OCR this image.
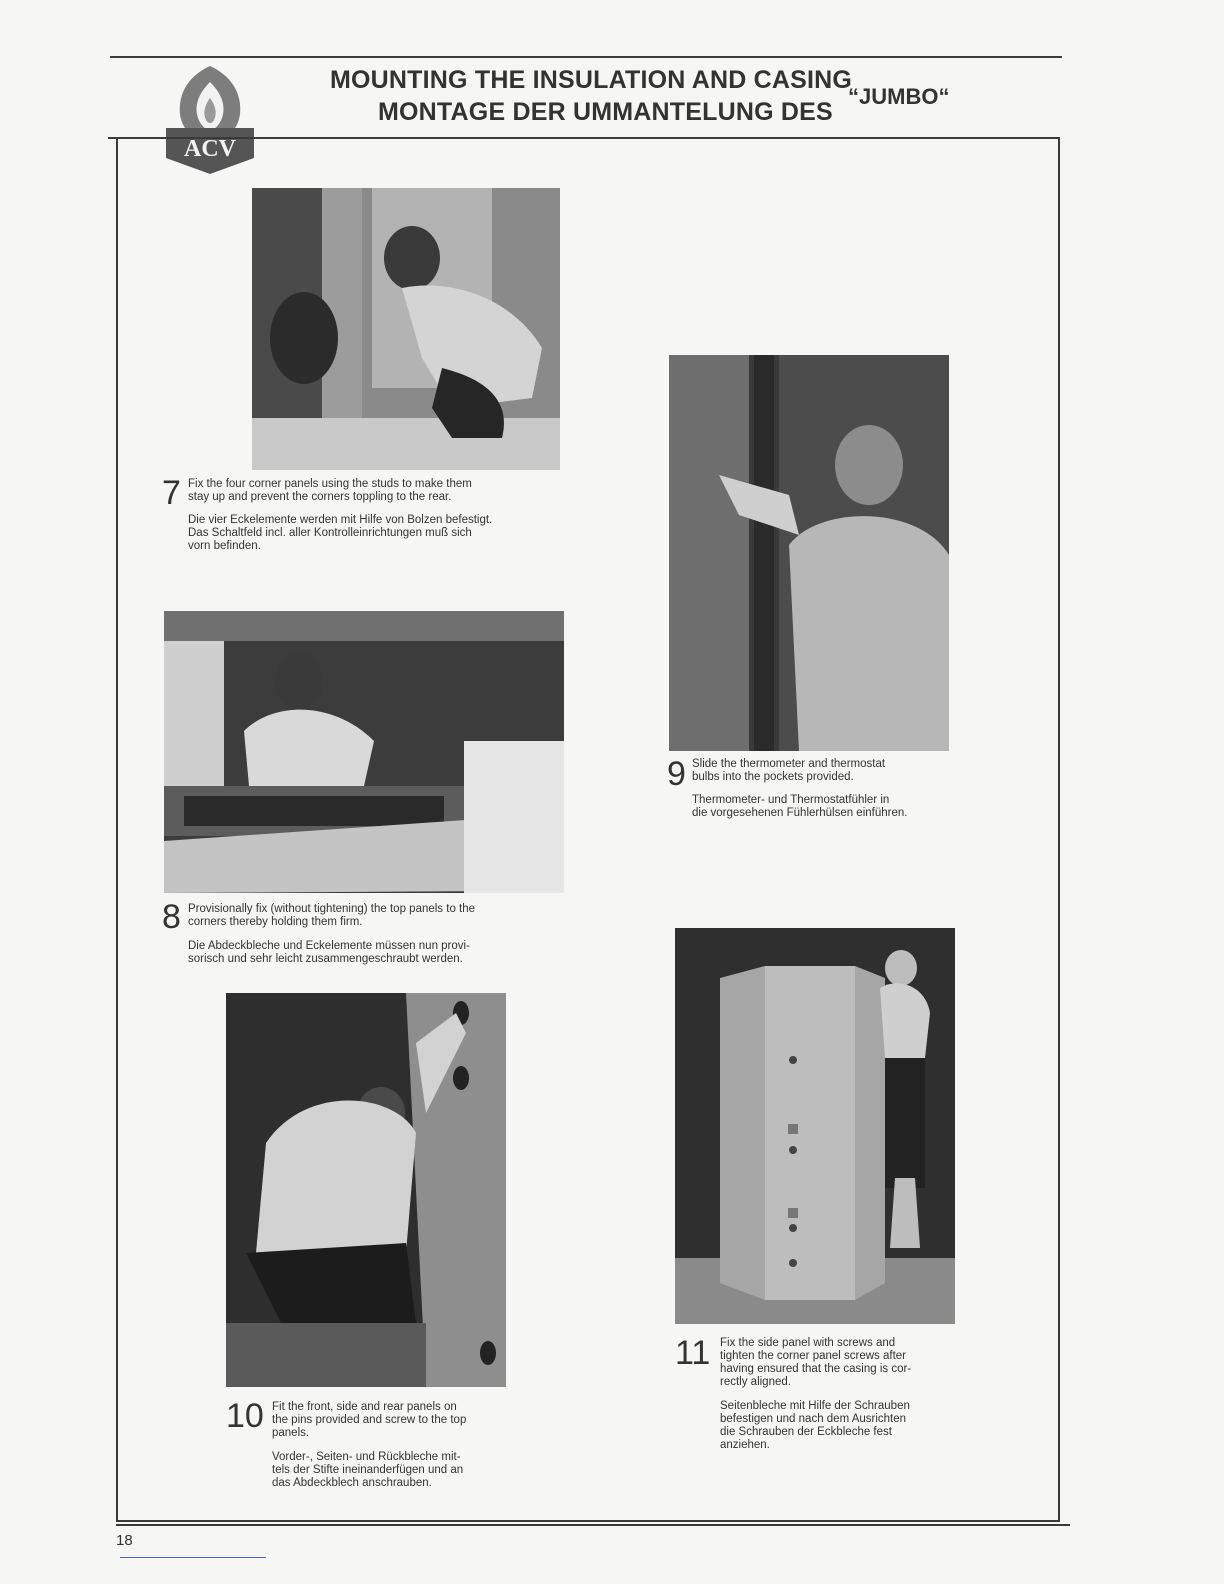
ACV
MOUNTING THE INSULATION AND CASING
MONTAGE DER UMMANTELUNG DES
“JUMBO“
7 Fix the four corner panels using the studs to make them
stay up and prevent the corners toppling to the rear.
Die vier Eckelemente werden mit Hilfe von Bolzen befestigt.
Das Schaltfeld incl. aller Kontrolleinrichtungen muß sich
vorn befinden.
8 Provisionally fix (without tightening) the top panels to the
corners thereby holding them firm.
Die Abdeckbleche und Eckelemente müssen nun provi-
sorisch und sehr leicht zusammengeschraubt werden.
9 Slide the thermometer and thermostat
bulbs into the pockets provided.
Thermometer- und Thermostatfühler in
die vorgesehenen Fühlerhülsen einführen.
10 Fit the front, side and rear panels on
the pins provided and screw to the top
panels.
Vorder-, Seiten- und Rückbleche mit-
tels der Stifte ineinanderfügen und an
das Abdeckblech anschrauben.
11 Fix the side panel with screws and
tighten the corner panel screws after
having ensured that the casing is cor-
rectly aligned.
Seitenbleche mit Hilfe der Schrauben
befestigen und nach dem Ausrichten
die Schrauben der Eckbleche fest
anziehen.
18
